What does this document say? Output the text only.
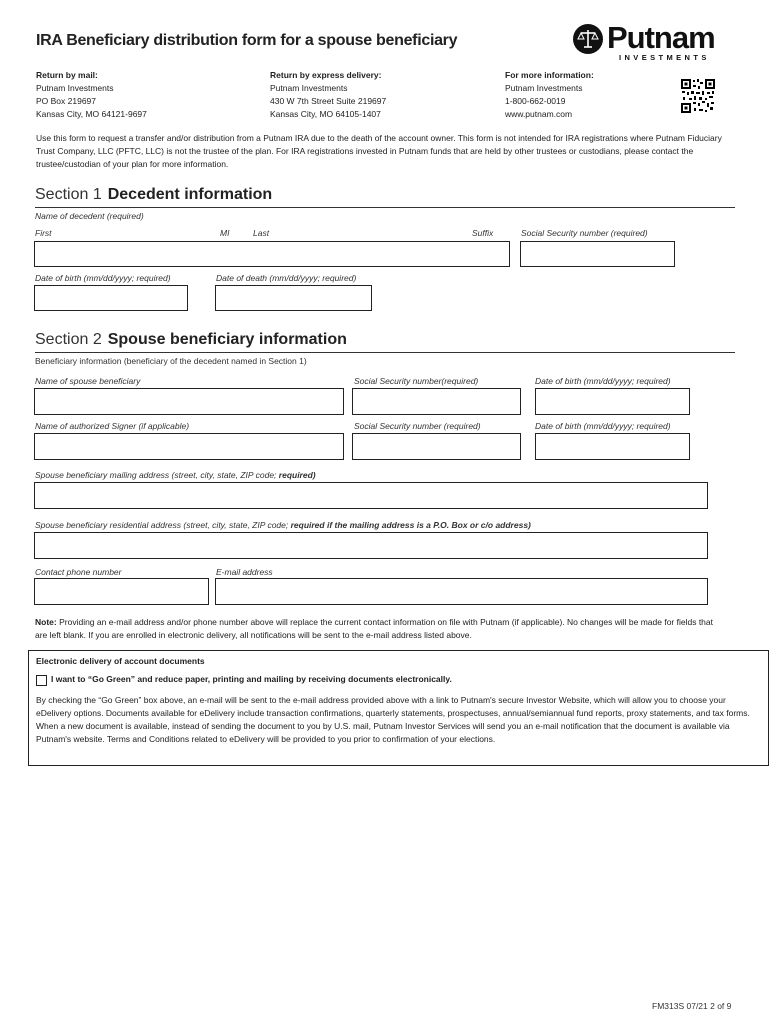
IRA Beneficiary distribution form for a spouse beneficiary	Putnam
INVESTMENTS
Return by mail:
Putnam Investments
PO Box 219697
Kansas City, MO 64121-9697
Return by express delivery:
Putnam Investments
430 W 7th Street Suite 219697
Kansas City, MO 64105-1407
For more information:
Putnam Investments
1-800-662-0019
www.putnam.com
Use this form to request a transfer and/or distribution from a Putnam IRA due to the death of the account owner. This form is not intended for IRA registrations where Putnam Fiduciary Trust Company, LLC (PFTC, LLC) is not the trustee of the plan. For IRA registrations invested in Putnam funds that are held by other trustees or custodians, please contact the trustee/custodian of your plan for more information.
Section 1 Decedent information
Name of decedent (required)
First	MI	Last	Suffix	Social Security number (required)
Date of birth (mm/dd/yyyy; required)	Date of death (mm/dd/yyyy; required)
Section 2 Spouse beneficiary information
Beneficiary information (beneficiary of the decedent named in Section 1)
Name of spouse beneficiary	Social Security number(required)	Date of birth (mm/dd/yyyy; required)
Name of authorized Signer (if applicable)	Social Security number (required)	Date of birth (mm/dd/yyyy; required)
Spouse beneficiary mailing address (street, city, state, ZIP code; required)
Spouse beneficiary residential address (street, city, state, ZIP code; required if the mailing address is a P.O. Box or c/o address)
Contact phone number	E-mail address
Note: Providing an e-mail address and/or phone number above will replace the current contact information on file with Putnam (if applicable). No changes will be made for fields that are left blank. If you are enrolled in electronic delivery, all notifications will be sent to the e-mail address listed above.
Electronic delivery of account documents
I want to “Go Green” and reduce paper, printing and mailing by receiving documents electronically.
By checking the “Go Green” box above, an e-mail will be sent to the e-mail address provided above with a link to Putnam's secure Investor Website, which will allow you to choose your eDelivery options. Documents available for eDelivery include transaction confirmations, quarterly statements, prospectuses, annual/semiannual fund reports, proxy statements, and tax forms. When a new document is available, instead of sending the document to you by U.S. mail, Putnam Investor Services will send you an e-mail notification that the document is available via Putnam's website. Terms and Conditions related to eDelivery will be provided to you prior to confirmation of your elections.
FM313S 07/21 2 of 9
